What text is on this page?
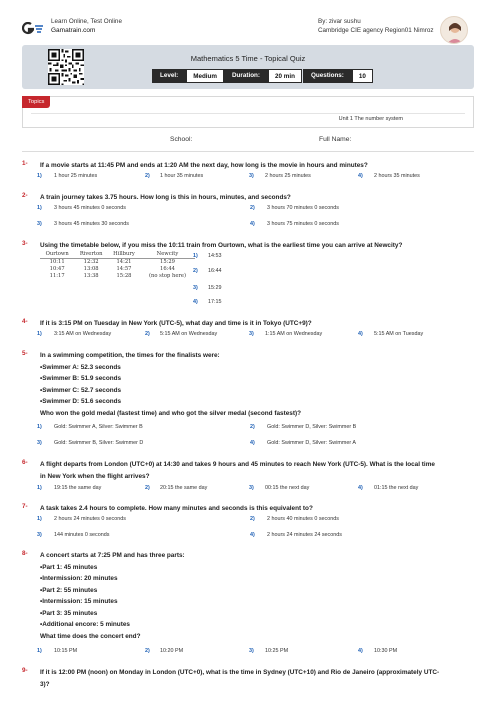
Learn Online, Test Online
Gamatrain.com
By: zivar sushu
Cambridge CIE agency Region01 Nimroz
Mathematics 5 Time - Topical Quiz
Level:	Medium	Duration:	20 min	Questions:	10
Topics
Unit 1 The number system
School:	Full Name:
1- If a movie starts at 11:45 PM and ends at 1:20 AM the next day, how long is the movie in hours and minutes?
1) 1 hour 25 minutes	2) 1 hour 35 minutes	3) 2 hours 25 minutes	4) 2 hours 35 minutes
2- A train journey takes 3.75 hours. How long is this in hours, minutes, and seconds?
1) 3 hours 45 minutes 0 seconds	2) 3 hours 70 minutes 0 seconds
3) 3 hours 45 minutes 30 seconds	4) 3 hours 75 minutes 0 seconds
3- Using the timetable below, if you miss the 10:11 train from Ourtown, what is the earliest time you can arrive at Newcity?
Ourtown	Riverton	Hillbury	Newcity
10:11	12:32	14:21	15:29
10:47	13:08	14:57	16:44
11:17	13:38	15:28	(no stop here)
1) 14:53
2) 16:44
3) 15:29
4) 17:15
4- If it is 3:15 PM on Tuesday in New York (UTC-5), what day and time is it in Tokyo (UTC+9)?
1) 3:15 AM on Wednesday	2) 5:15 AM on Wednesday	3) 1:15 AM on Wednesday	4) 5:15 AM on Tuesday
5- In a swimming competition, the times for the finalists were:
•Swimmer A: 52.3 seconds
•Swimmer B: 51.9 seconds
•Swimmer C: 52.7 seconds
•Swimmer D: 51.6 seconds
Who won the gold medal (fastest time) and who got the silver medal (second fastest)?
1) Gold: Swimmer A, Silver: Swimmer B	2) Gold: Swimmer D, Silver: Swimmer B
3) Gold: Swimmer B, Silver: Swimmer D	4) Gold: Swimmer D, Silver: Swimmer A
6- A flight departs from London (UTC+0) at 14:30 and takes 9 hours and 45 minutes to reach New York (UTC-5). What is the local time
in New York when the flight arrives?
1) 19:15 the same day	2) 20:15 the same day	3) 00:15 the next day	4) 01:15 the next day
7- A task takes 2.4 hours to complete. How many minutes and seconds is this equivalent to?
1) 2 hours 24 minutes 0 seconds	2) 2 hours 40 minutes 0 seconds
3) 144 minutes 0 seconds	4) 2 hours 24 minutes 24 seconds
8- A concert starts at 7:25 PM and has three parts:
•Part 1: 45 minutes
•Intermission: 20 minutes
•Part 2: 55 minutes
•Intermission: 15 minutes
•Part 3: 35 minutes
•Additional encore: 5 minutes
What time does the concert end?
1) 10:15 PM	2) 10:20 PM	3) 10:25 PM	4) 10:30 PM
9- If it is 12:00 PM (noon) on Monday in London (UTC+0), what is the time in Sydney (UTC+10) and Rio de Janeiro (approximately UTC-
3)?
